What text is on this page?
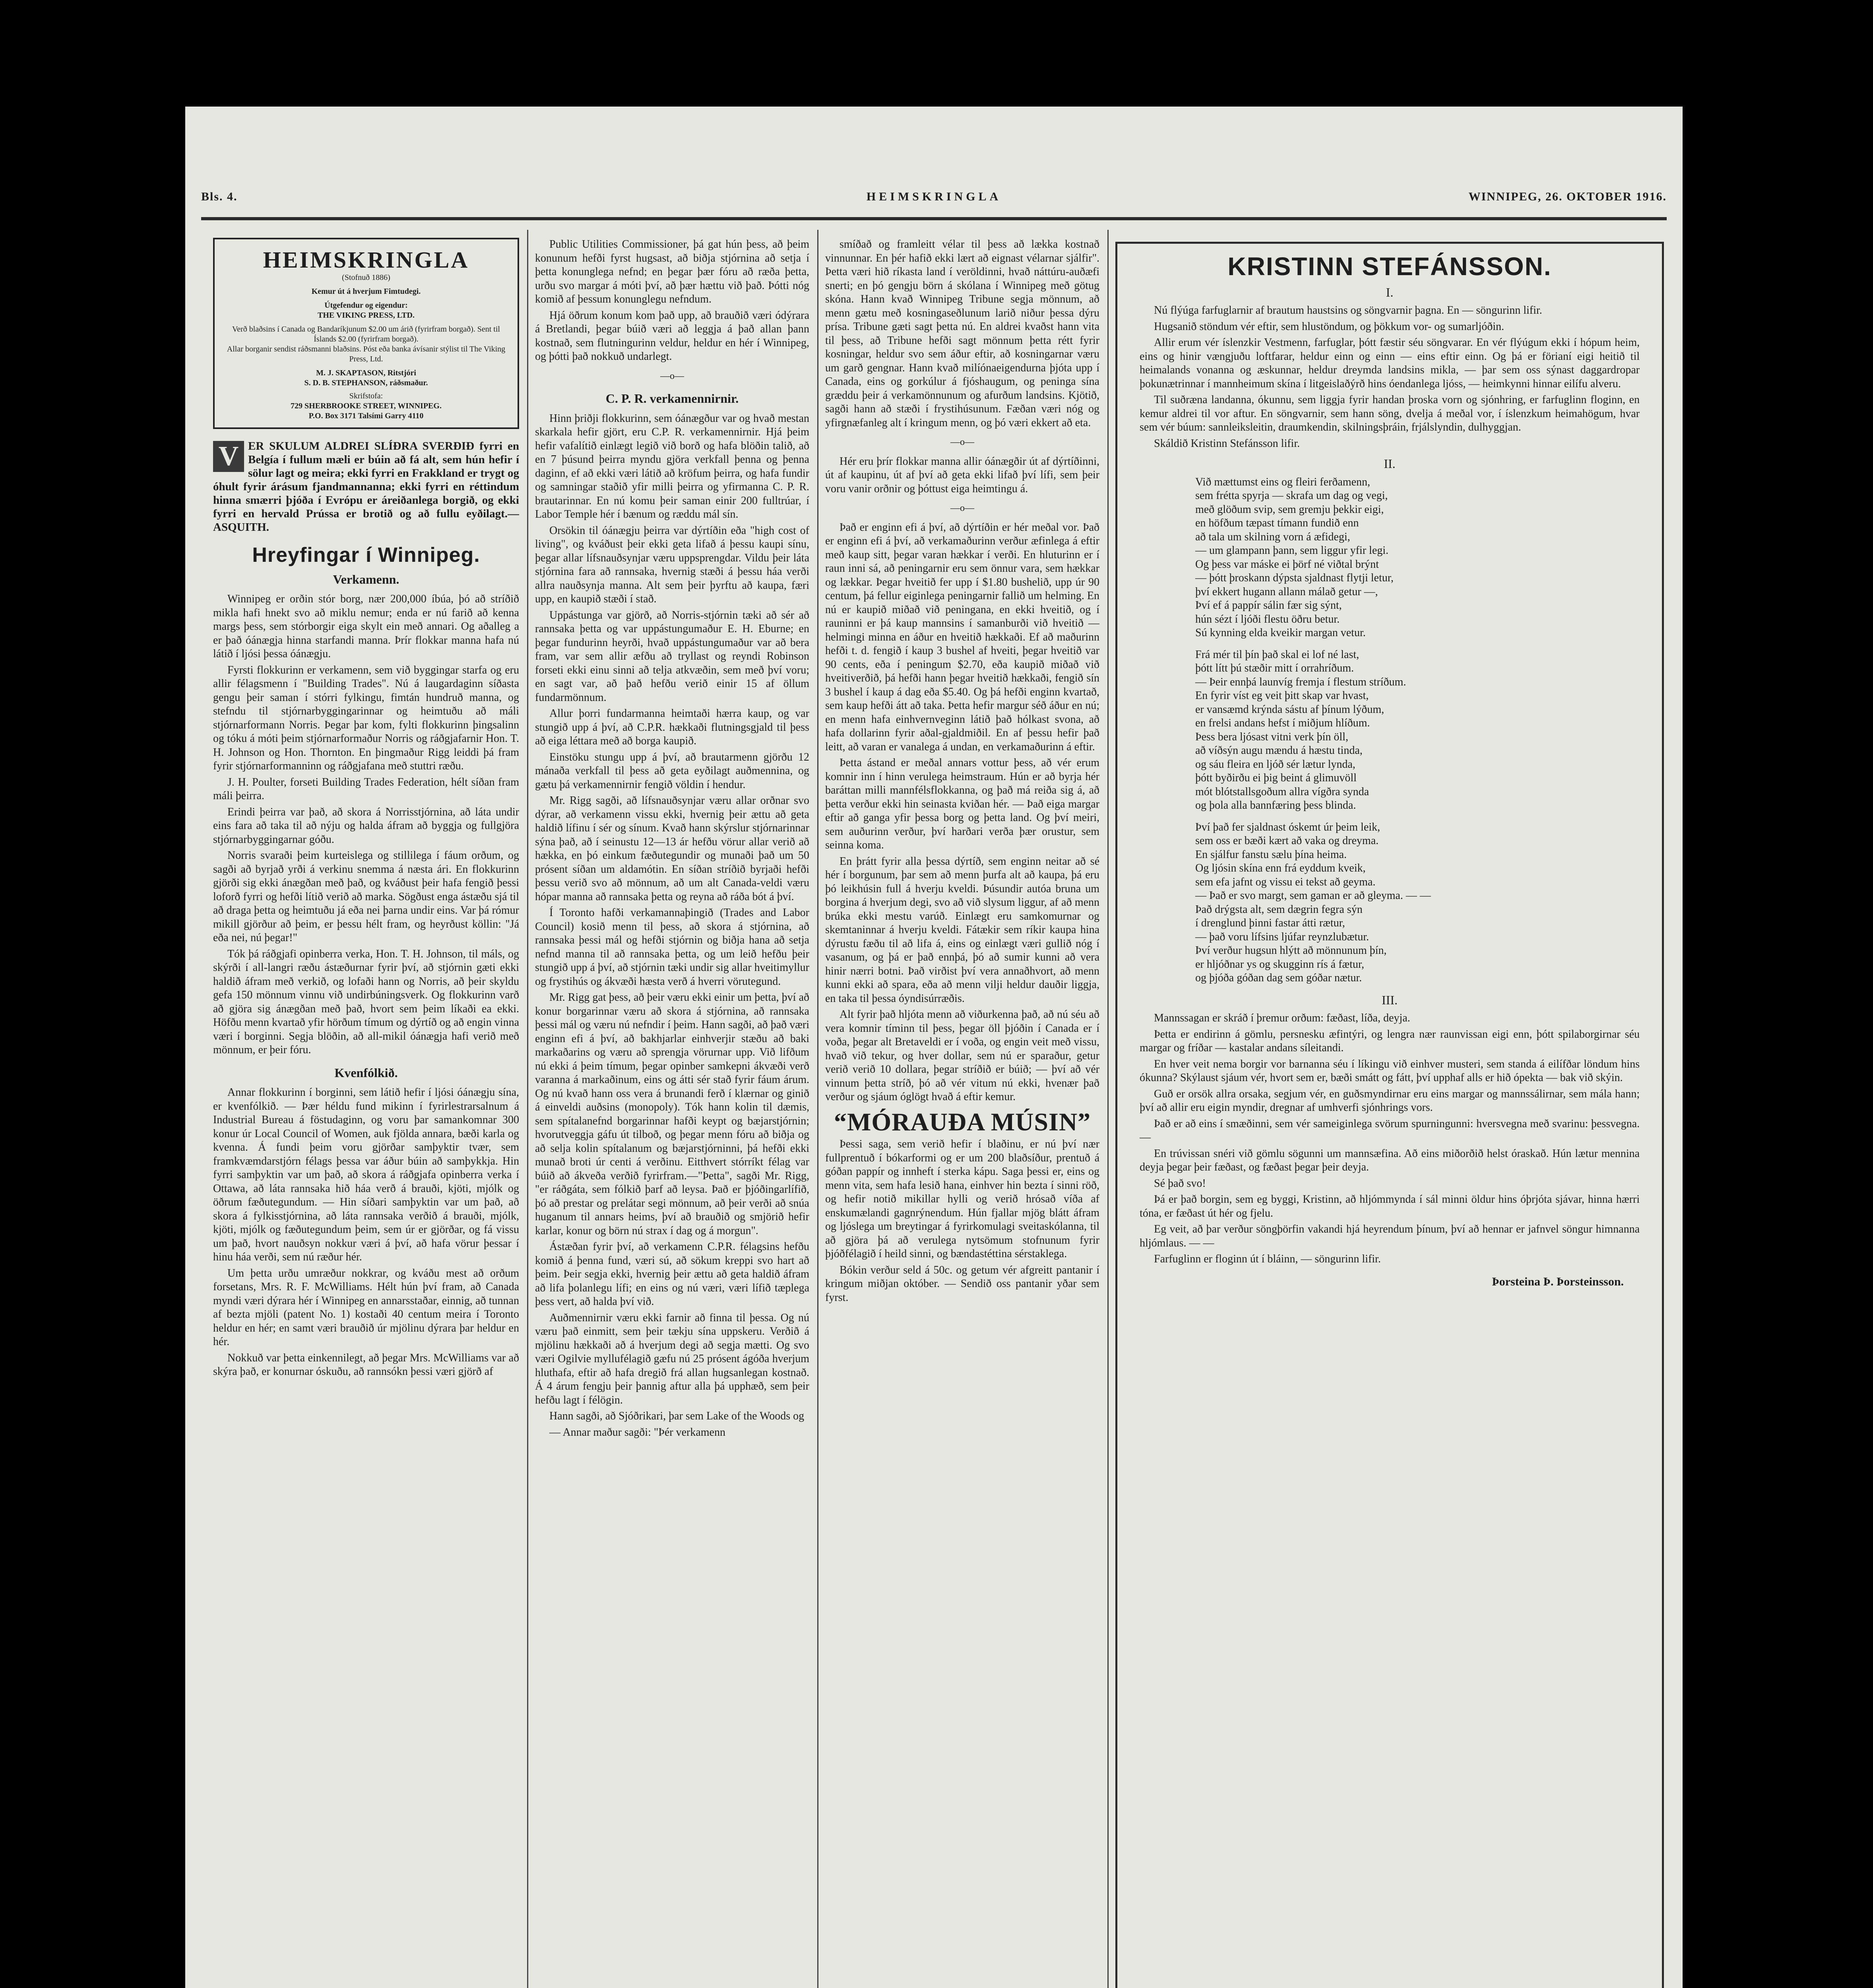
Bls. 4.	HEIMSKRINGLA	WINNIPEG, 26. OKTOBER 1916.
HEIMSKRINGLA

(Stofnuð 1886)

Kemur út á hverjum Fimtudegi.

Útgefendur og eigendur:

THE VIKING PRESS, LTD.

Verð blaðsins í Canada og Bandaríkjunum $2.00 um árið (fyrirfram borgað). Sent til Íslands $2.00 (fyrirfram borgað).

Allar borganir sendist ráðsmanni blaðsins. Póst eða banka ávísanir stýlist til The Viking Press, Ltd.

M. J. SKAPTASON, Ritstjóri

S. D. B. STEPHANSON, ráðsmaður.

Skrifstofa:

729 SHERBROOKE STREET, WINNIPEG.

P.O. Box 3171 Talsími Garry 4110

V ER SKULUM ALDREI SLÍÐRA SVERÐIÐ fyrri en Belgía í fullum mæli er búin að fá alt, sem hún hefir í sölur lagt og meira; ekki fyrri en Frakkland er trygt og óhult fyrir árásum fjandmannanna; ekki fyrri en réttindum hinna smærri þjóða í Evrópu er áreiðanlega borgið, og ekki fyrri en hervald Prússa er brotið og að fullu eyðilagt.—ASQUITH.
Hreyfingar í Winnipeg.
Verkamenn.

Winnipeg er orðin stór borg, nær 200,000 íbúa, þó að stríðið mikla hafi hnekt svo að miklu nemur; enda er nú farið að kenna margs þess, sem stórborgir eiga skylt ein með annari. Og aðalleg a er það óánægja hinna starfandi manna. Þrír flokkar manna hafa nú látið í ljósi þessa óánægju.

Fyrsti flokkurinn er verkamenn, sem við byggingar starfa og eru allir félagsmenn í "Building Trades". Nú á laugardaginn síðasta gengu þeir saman í stórri fylkingu, fimtán hundruð manna, og stefndu til stjórnarbyggingarinnar og heimtuðu að máli stjórnarformann Norris. Þegar þar kom, fylti flokkurinn þingsalinn og tóku á móti þeim stjórnarformaður Norris og ráðgjafarnir Hon. T. H. Johnson og Hon. Thornton. En þingmaður Rigg leiddi þá fram fyrir stjórnarformanninn og ráðgjafana með stuttri ræðu.

J. H. Poulter, forseti Building Trades Federation, hélt síðan fram máli þeirra.

Erindi þeirra var það, að skora á Norrisstjórnina, að láta undir eins fara að taka til að nýju og halda áfram að byggja og fullgjöra stjórnarbyggingarnar góðu.

Norris svaraði þeim kurteislega og stillilega í fáum orðum, og sagði að byrjað yrði á verkinu snemma á næsta ári. En flokkurinn gjörði sig ekki ánægðan með það, og kváðust þeir hafa fengið þessi loforð fyrri og hefði lítið verið að marka. Sögðust enga ástæðu sjá til að draga þetta og heimtuðu já eða nei þarna undir eins. Var þá rómur mikill gjörður að þeim, er þessu hélt fram, og heyrðust köllin: "Já eða nei, nú þegar!"

Tók þá ráðgjafi opinberra verka, Hon. T. H. Johnson, til máls, og skýrði í all-langri ræðu ástæðurnar fyrir því, að stjórnin gæti ekki haldið áfram með verkið, og lofaði hann og Norris, að þeir skyldu gefa 150 mönnum vinnu við undirbúningsverk. Og flokkurinn varð að gjöra sig ánægðan með það, hvort sem þeim líkaði ea ekki. Höfðu menn kvartað yfir hörðum tímum og dýrtíð og að engin vinna væri í borginni. Segja blöðin, að all-mikil óánægja hafi verið með mönnum, er þeir fóru.

Kvenfólkið.

Annar flokkurinn í borginni, sem látið hefir í ljósi óánægju sína, er kvenfólkið. — Þær héldu fund mikinn í fyrirlestrarsalnum á Industrial Bureau á föstudaginn, og voru þar samankomnar 300 konur úr Local Council of Women, auk fjölda annara, bæði karla og kvenna. Á fundi þeim voru gjörðar samþyktir tvær, sem framkvæmdarstjórn félags þessa var áður búin að samþykkja. Hin fyrri samþyktin var um það, að skora á ráðgjafa opinberra verka í Ottawa, að láta rannsaka hið háa verð á brauði, kjöti, mjólk og öðrum fæðutegundum. — Hin síðari samþyktin var um það, að skora á fylkisstjórnina, að láta rannsaka verðið á brauði, mjólk, kjöti, mjólk og fæðutegundum þeim, sem úr er gjörðar, og fá vissu um það, hvort nauðsyn nokkur væri á því, að hafa vörur þessar í hinu háa verði, sem nú ræður hér.

Um þetta urðu umræður nokkrar, og kváðu mest að orðum forsetans, Mrs. R. F. McWilliams. Hélt hún því fram, að Canada myndi væri dýrara hér í Winnipeg en annarsstaðar, einnig, að tunnan af bezta mjöli (patent No. 1) kostaði 40 centum meira í Toronto heldur en hér; en samt væri brauðið úr mjölinu dýrara þar heldur en hér.

Nokkuð var þetta einkennilegt, að þegar Mrs. McWilliams var að skýra það, er konurnar óskuðu, að rannsókn þessi væri gjörð af

Public Utilities Commissioner, þá gat hún þess, að þeim konunum hefði fyrst hugsast, að biðja stjórnina að setja í þetta konunglega nefnd; en þegar þær fóru að ræða þetta, urðu svo margar á móti því, að þær hættu við það. Þótti nóg komið af þessum konunglegu nefndum.

Hjá öðrum konum kom það upp, að brauðið væri ódýrara á Bretlandi, þegar búið væri að leggja á það allan þann kostnað, sem flutningurinn veldur, heldur en hér í Winnipeg, og þótti það nokkuð undarlegt.

—o—
C. P. R. verkamennirnir.

Hinn þriðji flokkurinn, sem óánægður var og hvað mestan skarkala hefir gjört, eru C.P. R. verkamennirnir. Hjá þeim hefir vafalítið einlægt legið við borð og hafa blöðin talið, að en 7 þúsund þeirra myndu gjöra verkfall þenna og þenna daginn, ef að ekki væri látið að kröfum þeirra, og hafa fundir og samningar staðið yfir milli þeirra og yfirmanna C. P. R. brautarinnar. En nú komu þeir saman einir 200 fulltrúar, í Labor Temple hér í bænum og ræddu mál sín.

Orsökin til óánægju þeirra var dýrtíðin eða "high cost of living", og kváðust þeir ekki geta lifað á þessu kaupi sínu, þegar allar lífsnauðsynjar væru uppsprengdar. Vildu þeir láta stjórnina fara að rannsaka, hvernig stæði á þessu háa verði allra nauðsynja manna. Alt sem þeir þyrftu að kaupa, færi upp, en kaupið stæði í stað.

Uppástunga var gjörð, að Norris-stjórnin tæki að sér að rannsaka þetta og var uppástungumaður E. H. Eburne; en þegar fundurinn heyrði, hvað uppástungumaður var að bera fram, var sem allir æfðu að tryllast og reyndi Robinson forseti ekki einu sinni að telja atkvæðin, sem með því voru; en sagt var, að það hefðu verið einir 15 af öllum fundarmönnum.

Allur þorri fundarmanna heimtaði hærra kaup, og var stungið upp á því, að C.P.R. hækkaði flutningsgjald til þess að eiga léttara með að borga kaupið.

Einstöku stungu upp á því, að brautarmenn gjörðu 12 mánaða verkfall til þess að geta eyðilagt auðmennina, og gætu þá verkamennirnir fengið völdin í hendur.

Mr. Rigg sagði, að lífsnauðsynjar væru allar orðnar svo dýrar, að verkamenn vissu ekki, hvernig þeir ættu að geta haldið lífinu í sér og sínum. Kvað hann skýrslur stjórnarinnar sýna það, að í seinustu 12—13 ár hefðu vörur allar verið að hækka, en þó einkum fæðutegundir og munaði það um 50 prósent síðan um aldamótin. En síðan stríðið byrjaði hefði þessu verið svo að mönnum, að um alt Canada-veldi væru hópar manna að rannsaka þetta og reyna að ráða bót á því.

Í Toronto hafði verkamannaþingið (Trades and Labor Council) kosið menn til þess, að skora á stjórnina, að rannsaka þessi mál og hefði stjórnin og biðja hana að setja nefnd manna til að rannsaka þetta, og um leið hefðu þeir stungið upp á því, að stjórnin tæki undir sig allar hveitimyllur og frystihús og ákvæði hæsta verð á hverri vörutegund.

Mr. Rigg gat þess, að þeir væru ekki einir um þetta, því að konur borgarinnar væru að skora á stjórnina, að rannsaka þessi mál og væru nú nefndir í þeim. Hann sagði, að það væri enginn efi á því, að bakhjarlar einhverjir stæðu að baki markaðarins og væru að sprengja vörurnar upp. Við lifðum nú ekki á þeim tímum, þegar opinber samkepni ákvæði verð varanna á markaðinum, eins og átti sér stað fyrir fáum árum. Og nú kvað hann oss vera á brunandi ferð í klærnar og ginið á einveldi auðsins (monopoly). Tók hann kolin til dæmis, sem spítalanefnd borgarinnar hafði keypt og bæjarstjórnin; hvorutveggja gáfu út tilboð, og þegar menn fóru að biðja og að selja kolin spítalanum og bæjarstjórninni, þá hefði ekki munað broti úr centi á verðinu. Eitthvert stórríkt félag var búið að ákveða verðið fyrirfram.—"Þetta", sagði Mr. Rigg, "er ráðgáta, sem fólkið þarf að leysa. Það er þjóðingarlífið, þó að prestar og prelátar segi mönnum, að þeir verði að snúa huganum til annars heims, því að brauðið og smjörið hefir karlar, konur og börn nú strax í dag og á morgun".

Ástæðan fyrir því, að verkamenn C.P.R. félagsins hefðu komið á þenna fund, væri sú, að sökum kreppi svo hart að þeim. Þeir segja ekki, hvernig þeir ættu að geta haldið áfram að lifa þolanlegu lífi; en eins og nú væri, væri lífið tæplega þess vert, að halda því við.

Auðmennirnir væru ekki farnir að finna til þessa. Og nú væru það einmitt, sem þeir tækju sína uppskeru. Verðið á mjölinu hækkaði að á hverjum degi að segja mætti. Og svo væri Ogilvie myllufélagið gæfu nú 25 prósent ágóða hverjum hluthafa, eftir að hafa dregið frá allan hugsanlegan kostnað. Á 4 árum fengju þeir þannig aftur alla þá upphæð, sem þeir hefðu lagt í félögin.

Hann sagði, að Sjóðrikari, þar sem Lake of the Woods og

— Annar maður sagði: "Þér verkamenn

smíðað og framleitt vélar til þess að lækka kostnað vinnunnar. En þér hafið ekki lært að eignast vélarnar sjálfir". Þetta væri hið ríkasta land í veröldinni, hvað náttúru-auðæfi snerti; en þó gengju börn á skólana í Winnipeg með götug skóna. Hann kvað Winnipeg Tribune segja mönnum, að menn gætu með kosningaseðlunum larið niður þessa dýru prísa. Tribune gæti sagt þetta nú. En aldrei kvaðst hann vita til þess, að Tribune hefði sagt mönnum þetta rétt fyrir kosningar, heldur svo sem áður eftir, að kosningarnar væru um garð gengnar. Hann kvað milíónaeigendurna þjóta upp í Canada, eins og gorkúlur á fjóshaugum, og peninga sína græddu þeir á verkamönnunum og afurðum landsins. Kjötið, sagði hann að stæði í frystihúsunum. Fæðan væri nóg og yfirgnæfanleg alt í kringum menn, og þó væri ekkert að eta.

—o—

Hér eru þrír flokkar manna allir óánægðir út af dýrtíðinni, út af kaupinu, út af því að geta ekki lifað því lífi, sem þeir voru vanir orðnir og þóttust eiga heimtingu á.

—o—

Það er enginn efi á því, að dýrtíðin er hér meðal vor. Það er enginn efi á því, að verkamaðurinn verður æfinlega á eftir með kaup sitt, þegar varan hækkar í verði. En hluturinn er í raun inni sá, að peningarnir eru sem önnur vara, sem hækkar og lækkar. Þegar hveitið fer upp í $1.80 bushelið, upp úr 90 centum, þá fellur eiginlega peningarnir fallið um helming. En nú er kaupið miðað við peningana, en ekki hveitið, og í rauninni er þá kaup mannsins í samanburði við hveitið — helmingi minna en áður en hveitið hækkaði. Ef að maðurinn hefði t. d. fengið í kaup 3 bushel af hveiti, þegar hveitið var 90 cents, eða í peningum $2.70, eða kaupið miðað við hveitiverðið, þá hefði hann þegar hveitið hækkaði, fengið sín 3 bushel í kaup á dag eða $5.40. Og þá hefði enginn kvartað, sem kaup hefði átt að taka. Þetta hefir margur séð áður en nú; en menn hafa einhvernveginn látið það hólkast svona, að hafa dollarinn fyrir aðal-gjaldmiðil. En af þessu hefir það leitt, að varan er vanalega á undan, en verkamaðurinn á eftir.

Þetta ástand er meðal annars vottur þess, að vér erum komnir inn í hinn verulega heimstraum. Hún er að byrja hér baráttan milli mannfélsflokkanna, og það má reiða sig á, að þetta verður ekki hin seinasta kviðan hér. — Það eiga margar eftir að ganga yfir þessa borg og þetta land. Og því meiri, sem auðurinn verður, því harðari verða þær orustur, sem seinna koma.

En þrátt fyrir alla þessa dýrtíð, sem enginn neitar að sé hér í borgunum, þar sem að menn þurfa alt að kaupa, þá eru þó leikhúsin full á hverju kveldi. Þúsundir autóa bruna um borgina á hverjum degi, svo að við slysum liggur, af að menn brúka ekki mestu varúð. Einlægt eru samkomurnar og skemtaninnar á hverju kveldi. Fátækir sem ríkir kaupa hina dýrustu fæðu til að lifa á, eins og einlægt væri gullið nóg í vasanum, og þá er það ennþá, þó að sumir kunni að vera hinir nærri botni. Það virðist því vera annaðhvort, að menn kunni ekki að spara, eða að menn vilji heldur dauðir liggja, en taka til þessa óyndisúrræðis.

Alt fyrir það hljóta menn að viðurkenna það, að nú séu að vera komnir tíminn til þess, þegar öll þjóðin í Canada er í voða, þegar alt Bretaveldi er í voða, og engin veit með vissu, hvað við tekur, og hver dollar, sem nú er sparaður, getur verið verið 10 dollara, þegar stríðið er búið; — því að vér vinnum þetta stríð, þó að vér vitum nú ekki, hvenær það verður og sjáum óglögt hvað á eftir kemur.

“MÓRAUÐA MÚSIN”

Þessi saga, sem verið hefir í blaðinu, er nú því nær fullprentuð í bókarformi og er um 200 blaðsíður, prentuð á góðan pappír og innheft í sterka kápu. Saga þessi er, eins og menn vita, sem hafa lesið hana, einhver hin bezta í sinni röð, og hefir notið mikillar hylli og verið hrósað víða af enskumælandi gagnrýnendum. Hún fjallar mjög blátt áfram og ljóslega um breytingar á fyrirkomulagi sveitaskólanna, til að gjöra þá að verulega nytsömum stofnunum fyrir þjóðfélagið í heild sinni, og bændastéttina sérstaklega.

Bókin verður seld á 50c. og getum vér afgreitt pantanir í kringum miðjan október. — Sendið oss pantanir yðar sem fyrst.

KRISTINN STEFÁNSSON.
I.

Nú flýúga farfuglarnir af brautum haustsins og söngvarnir þagna. En — söngurinn lifir.

Hugsanið stöndum vér eftir, sem hlustöndum, og þökkum vor- og sumarljóðin.

Allir erum vér íslenzkir Vestmenn, farfuglar, þótt fæstir séu söngvarar. En vér flýúgum ekki í hópum heim, eins og hinir vængjuðu loftfarar, heldur einn og einn — eins eftir einn. Og þá er förianí eigi heitið til heimalands vonanna og æskunnar, heldur dreymda landsins mikla, — þar sem oss sýnast daggardropar þokunætrinnar í mannheimum skína í litgeislaðýrð hins óendanlega ljóss, — heimkynni hinnar eilífu alveru.

Til suðræna landanna, ókunnu, sem liggja fyrir handan þroska vorn og sjónhring, er farfuglinn floginn, en kemur aldrei til vor aftur. En söngvarnir, sem hann söng, dvelja á meðal vor, í íslenzkum heimahögum, hvar sem vér búum: sannleiksleitin, draumkendin, skilningsþráin, frjálslyndin, dulhyggjan.

Skáldið Kristinn Stefánsson lifir.

II.
Við mættumst eins og fleiri ferðamenn,
sem frétta spyrja — skrafa um dag og vegi,
með glöðum svip, sem gremju þekkir eigi,
en höfðum tæpast tímann fundið enn
að tala um skilning vorn á æfidegi,
— um glampann þann, sem liggur yfir legi.
Og þess var máske ei þörf né viðtal brýnt
— þótt þroskann dýpsta sjaldnast flytji letur,
því ekkert hugann allann málað getur —,
Því ef á pappír sálin fær sig sýnt,
hún sézt í ljóði flestu öðru betur.
Sú kynning elda kveikir margan vetur.
Frá mér til þín það skal ei lof né last,
þótt lítt þú stæðir mitt í orrahríðum.
— Þeir ennþá launvíg fremja í flestum stríðum.
En fyrir víst eg veit þitt skap var hvast,
er vansæmd krýnda sástu af þínum lýðum,
en frelsi andans hefst í miðjum hlíðum.
Þess bera ljósast vitni verk þín öll,
að víðsýn augu mændu á hæstu tinda,
og sáu fleira en ljóð sér lætur lynda,
þótt byðirðu ei þig beint á glimuvöll
mót blótstallsgoðum allra vígðra synda
og þola alla bannfæring þess blinda.
Því það fer sjaldnast óskemt úr þeim leik,
sem oss er bæði kært að vaka og dreyma.
En sjálfur fanstu sælu þína heima.
Og ljósin skína enn frá eyddum kveik,
sem efa jafnt og vissu ei tekst að geyma.
— Það er svo margt, sem gaman er að gleyma. — —
Það drýgsta alt, sem dægrin fegra sýn
í drenglund þinni fastar átti rætur,
— það voru lífsins ljúfar reynzlubætur.
Því verður hugsun hlýtt að mönnunum þín,
er hljóðnar ys og skugginn rís á fætur,
og þjóða góðan dag sem góðar nætur.
III.

Mannssagan er skráð í þremur orðum: fæðast, líða, deyja.

Þetta er endirinn á gömlu, persnesku æfintýri, og lengra nær raunvissan eigi enn, þótt spilaborgirnar séu margar og fríðar — kastalar andans síleitandi.

En hver veit nema borgir vor barnanna séu í líkingu við einhver musteri, sem standa á eilífðar löndum hins ókunna? Skýlaust sjáum vér, hvort sem er, bæði smátt og fátt, því upphaf alls er hið ópekta — bak við skýin.

Guð er orsök allra orsaka, segjum vér, en guðsmyndirnar eru eins margar og mannssálirnar, sem mála hann; því að allir eru eigin myndir, dregnar af umhverfi sjónhrings vors.

Það er að eins í smæðinni, sem vér sameiginlega svörum spurningunni: hversvegna með svarinu: þessvegna. —

En trúvissan snéri við gömlu sögunni um mannsæfina. Að eins miðorðið helst óraskað. Hún lætur mennina deyja þegar þeir fæðast, og fæðast þegar þeir deyja.

Sé það svo!

Þá er það borgin, sem eg byggi, Kristinn, að hljómmynda í sál minni öldur hins óþrjóta sjávar, hinna hærri tóna, er fæðast út hér og fjelu.

Eg veit, að þar verður söngþörfin vakandi hjá heyrendum þínum, því að hennar er jafnvel söngur himnanna hljómlaus. — —

Farfuglinn er floginn út í bláinn, — söngurinn lifir.

Þorsteina Þ. Þorsteinsson.
